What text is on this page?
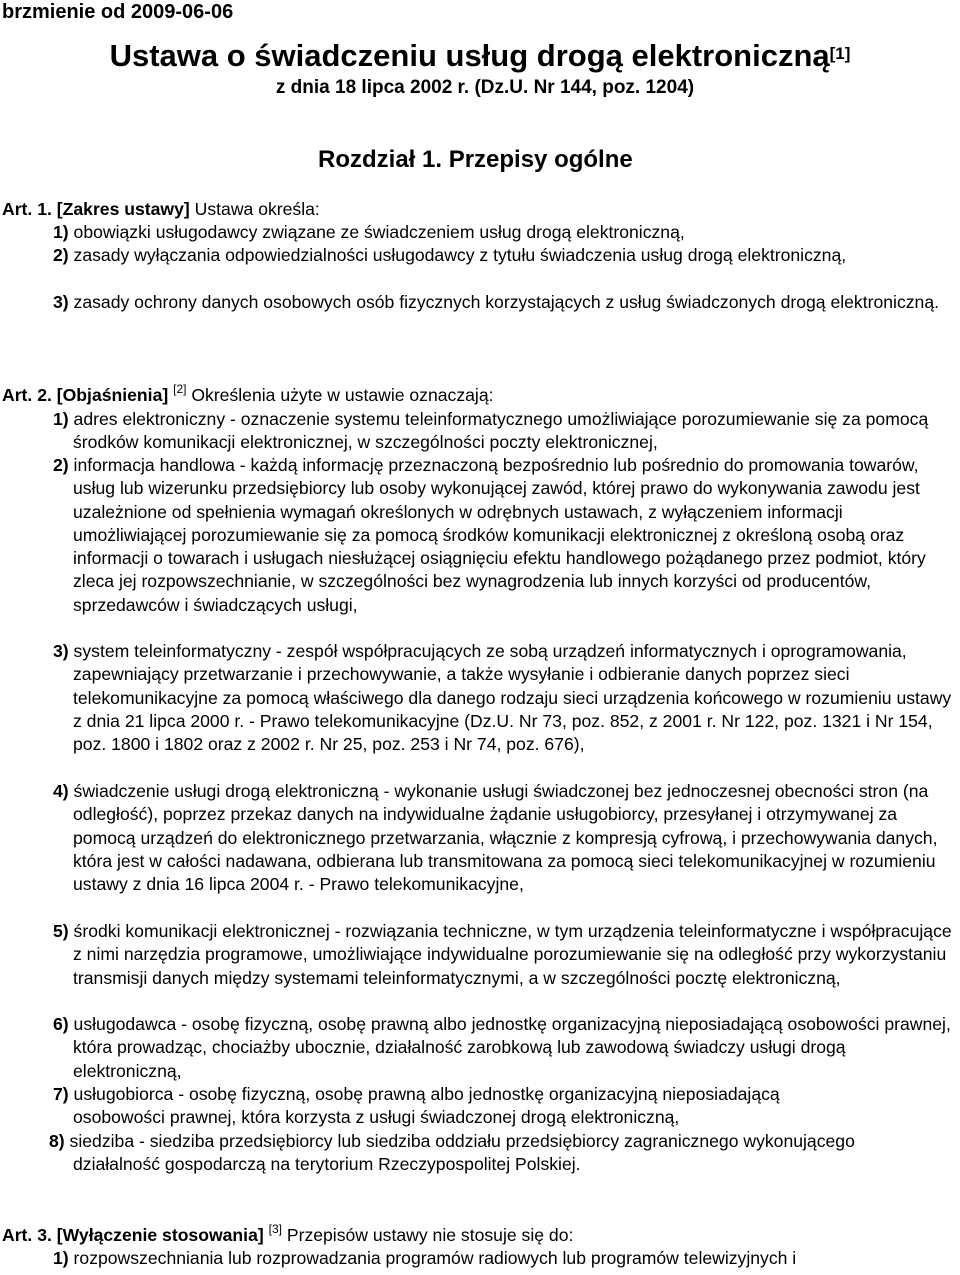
brzmienie od 2009-06-06
Ustawa o świadczeniu usług drogą elektroniczną[1]
z dnia 18 lipca 2002 r. (Dz.U. Nr 144, poz. 1204)
Rozdział 1. Przepisy ogólne
Art. 1. [Zakres ustawy] Ustawa określa:
1) obowiązki usługodawcy związane ze świadczeniem usług drogą elektroniczną,
2) zasady wyłączania odpowiedzialności usługodawcy z tytułu świadczenia usług drogą elektroniczną,
3) zasady ochrony danych osobowych osób fizycznych korzystających z usług świadczonych drogą elektroniczną.
Art. 2. [Objaśnienia] [2] Określenia użyte w ustawie oznaczają:
1) adres elektroniczny - oznaczenie systemu teleinformatycznego umożliwiające porozumiewanie się za pomocą środków komunikacji elektronicznej, w szczególności poczty elektronicznej,
2) informacja handlowa - każdą informację przeznaczoną bezpośrednio lub pośrednio do promowania towarów, usług lub wizerunku przedsiębiorcy lub osoby wykonującej zawód, której prawo do wykonywania zawodu jest uzależnione od spełnienia wymagań określonych w odrębnych ustawach, z wyłączeniem informacji umożliwiającej porozumiewanie się za pomocą środków komunikacji elektronicznej z określoną osobą oraz informacji o towarach i usługach niesłużącej osiągnięciu efektu handlowego pożądanego przez podmiot, który zleca jej rozpowszechnianie, w szczególności bez wynagrodzenia lub innych korzyści od producentów, sprzedawców i świadczących usługi,
3) system teleinformatyczny - zespół współpracujących ze sobą urządzeń informatycznych i oprogramowania, zapewniający przetwarzanie i przechowywanie, a także wysyłanie i odbieranie danych poprzez sieci telekomunikacyjne za pomocą właściwego dla danego rodzaju sieci urządzenia końcowego w rozumieniu ustawy z dnia 21 lipca 2000 r. - Prawo telekomunikacyjne (Dz.U. Nr 73, poz. 852, z 2001 r. Nr 122, poz. 1321 i Nr 154, poz. 1800 i 1802 oraz z 2002 r. Nr 25, poz. 253 i Nr 74, poz. 676),
4) świadczenie usługi drogą elektroniczną - wykonanie usługi świadczonej bez jednoczesnej obecności stron (na odległość), poprzez przekaz danych na indywidualne żądanie usługobiorcy, przesyłanej i otrzymywanej za pomocą urządzeń do elektronicznego przetwarzania, włącznie z kompresją cyfrową, i przechowywania danych, która jest w całości nadawana, odbierana lub transmitowana za pomocą sieci telekomunikacyjnej w rozumieniu ustawy z dnia 16 lipca 2004 r. - Prawo telekomunikacyjne,
5) środki komunikacji elektronicznej - rozwiązania techniczne, w tym urządzenia teleinformatyczne i współpracujące z nimi narzędzia programowe, umożliwiające indywidualne porozumiewanie się na odległość przy wykorzystaniu transmisji danych między systemami teleinformatycznymi, a w szczególności pocztę elektroniczną,
6) usługodawca - osobę fizyczną, osobę prawną albo jednostkę organizacyjną nieposiadającą osobowości prawnej, która prowadząc, chociażby ubocznie, działalność zarobkową lub zawodową świadczy usługi drogą elektroniczną,
7) usługobiorca - osobę fizyczną, osobę prawną albo jednostkę organizacyjną nieposiadającą osobowości prawnej, która korzysta z usługi świadczonej drogą elektroniczną,
8) siedziba - siedziba przedsiębiorcy lub siedziba oddziału przedsiębiorcy zagranicznego wykonującego działalność gospodarczą na terytorium Rzeczypospolitej Polskiej.
Art. 3. [Wyłączenie stosowania] [3] Przepisów ustawy nie stosuje się do:
1) rozpowszechniania lub rozprowadzania programów radiowych lub programów telewizyjnych i
